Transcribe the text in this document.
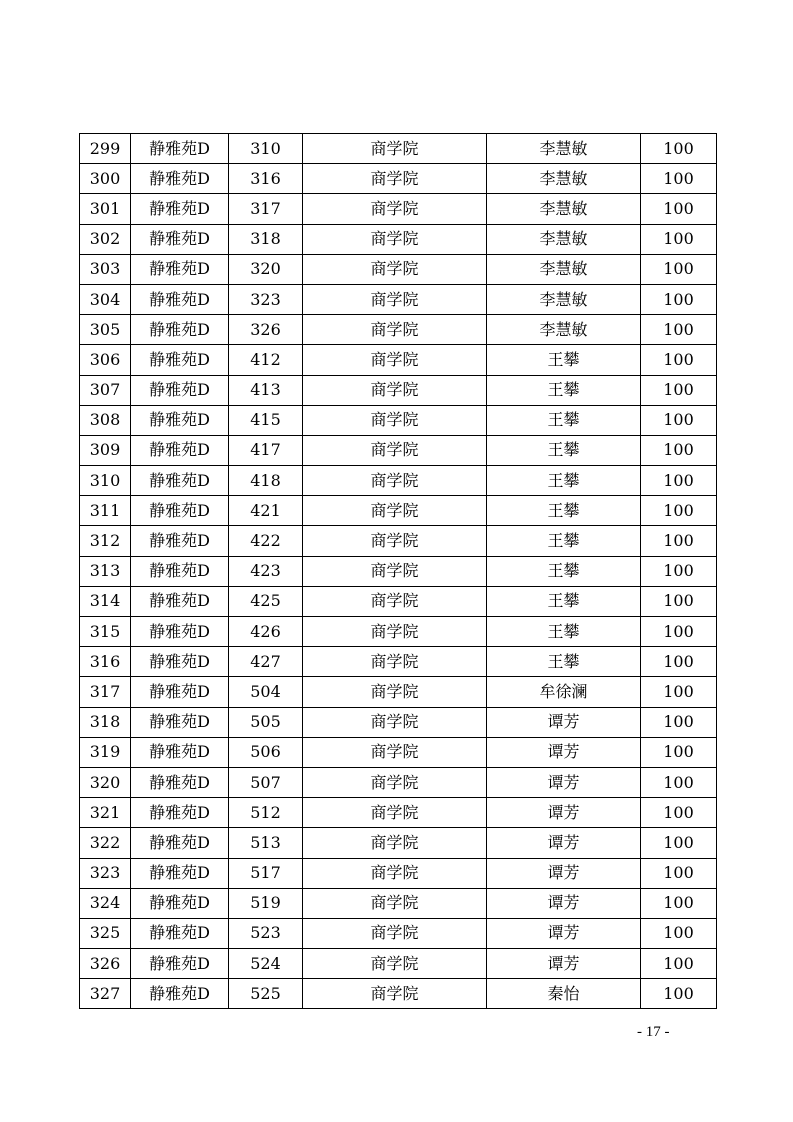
299	静雅苑D	310	商学院	李慧敏	100
300	静雅苑D	316	商学院	李慧敏	100
301	静雅苑D	317	商学院	李慧敏	100
302	静雅苑D	318	商学院	李慧敏	100
303	静雅苑D	320	商学院	李慧敏	100
304	静雅苑D	323	商学院	李慧敏	100
305	静雅苑D	326	商学院	李慧敏	100
306	静雅苑D	412	商学院	王攀	100
307	静雅苑D	413	商学院	王攀	100
308	静雅苑D	415	商学院	王攀	100
309	静雅苑D	417	商学院	王攀	100
310	静雅苑D	418	商学院	王攀	100
311	静雅苑D	421	商学院	王攀	100
312	静雅苑D	422	商学院	王攀	100
313	静雅苑D	423	商学院	王攀	100
314	静雅苑D	425	商学院	王攀	100
315	静雅苑D	426	商学院	王攀	100
316	静雅苑D	427	商学院	王攀	100
317	静雅苑D	504	商学院	牟徐澜	100
318	静雅苑D	505	商学院	谭芳	100
319	静雅苑D	506	商学院	谭芳	100
320	静雅苑D	507	商学院	谭芳	100
321	静雅苑D	512	商学院	谭芳	100
322	静雅苑D	513	商学院	谭芳	100
323	静雅苑D	517	商学院	谭芳	100
324	静雅苑D	519	商学院	谭芳	100
325	静雅苑D	523	商学院	谭芳	100
326	静雅苑D	524	商学院	谭芳	100
327	静雅苑D	525	商学院	秦怡	100
- 17 -
